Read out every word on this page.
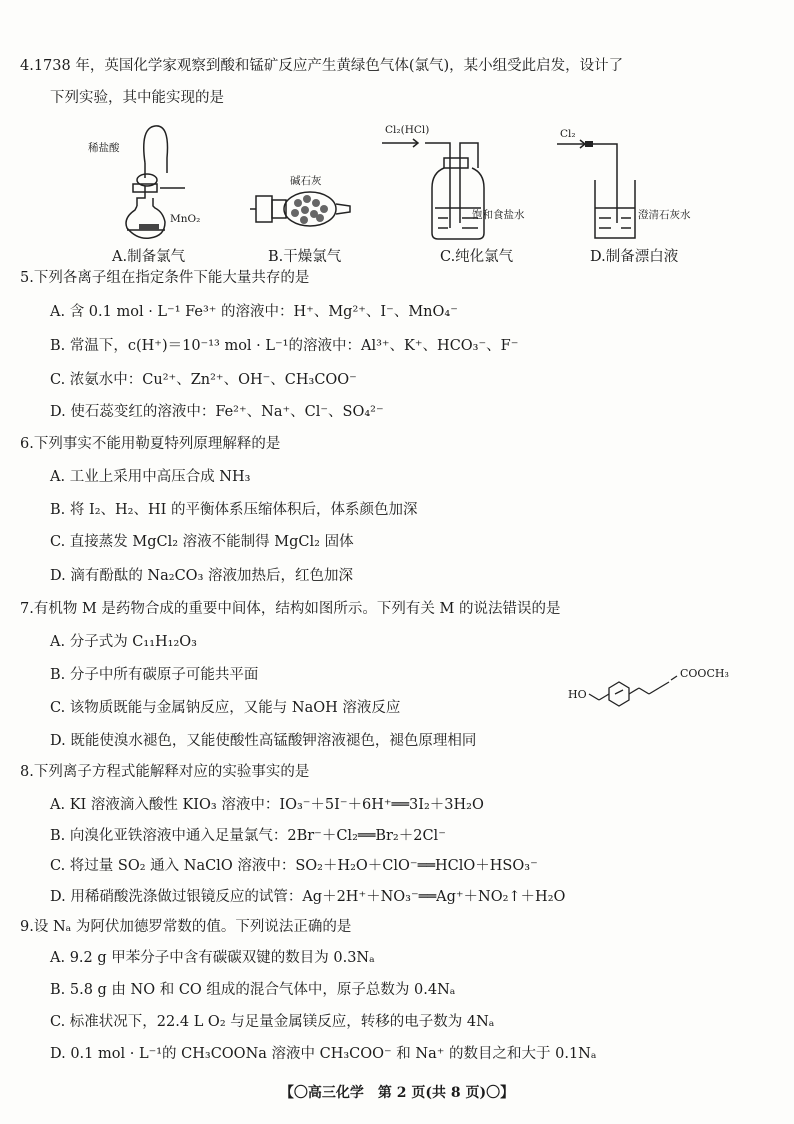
4.1738 年，英国化学家观察到酸和锰矿反应产生黄绿色气体(氯气)，某小组受此启发，设计了
下列实验，其中能实现的是
稀盐酸
MnO₂
A.制备氯气
碱石灰
B.干燥氯气
Cl₂(HCl)
饱和食盐水
C.纯化氯气
Cl₂
澄清石灰水
D.制备漂白液
5.下列各离子组在指定条件下能大量共存的是
A. 含 0.1 mol · L⁻¹ Fe³⁺ 的溶液中：H⁺、Mg²⁺、I⁻、MnO₄⁻
B. 常温下，c(H⁺)＝10⁻¹³ mol · L⁻¹的溶液中：Al³⁺、K⁺、HCO₃⁻、F⁻
C. 浓氨水中：Cu²⁺、Zn²⁺、OH⁻、CH₃COO⁻
D. 使石蕊变红的溶液中：Fe²⁺、Na⁺、Cl⁻、SO₄²⁻
6.下列事实不能用勒夏特列原理解释的是
A. 工业上采用中高压合成 NH₃
B. 将 I₂、H₂、HI 的平衡体系压缩体积后，体系颜色加深
C. 直接蒸发 MgCl₂ 溶液不能制得 MgCl₂ 固体
D. 滴有酚酞的 Na₂CO₃ 溶液加热后，红色加深
7.有机物 M 是药物合成的重要中间体，结构如图所示。下列有关 M 的说法错误的是
A. 分子式为 C₁₁H₁₂O₃
B. 分子中所有碳原子可能共平面
C. 该物质既能与金属钠反应，又能与 NaOH 溶液反应
D. 既能使溴水褪色，又能使酸性高锰酸钾溶液褪色，褪色原理相同
COOCH₃
HO
8.下列离子方程式能解释对应的实验事实的是
A. KI 溶液滴入酸性 KIO₃ 溶液中：IO₃⁻＋5I⁻＋6H⁺══3I₂＋3H₂O
B. 向溴化亚铁溶液中通入足量氯气：2Br⁻＋Cl₂══Br₂＋2Cl⁻
C. 将过量 SO₂ 通入 NaClO 溶液中：SO₂＋H₂O＋ClO⁻══HClO＋HSO₃⁻
D. 用稀硝酸洗涤做过银镜反应的试管：Ag＋2H⁺＋NO₃⁻══Ag⁺＋NO₂↑＋H₂O
9.设 Nₐ 为阿伏加德罗常数的值。下列说法正确的是
A. 9.2 g 甲苯分子中含有碳碳双键的数目为 0.3Nₐ
B. 5.8 g 由 NO 和 CO 组成的混合气体中，原子总数为 0.4Nₐ
C. 标准状况下，22.4 L O₂ 与足量金属镁反应，转移的电子数为 4Nₐ
D. 0.1 mol · L⁻¹的 CH₃COONa 溶液中 CH₃COO⁻ 和 Na⁺ 的数目之和大于 0.1Nₐ
【〇高三化学　第 2 页(共 8 页)〇】
